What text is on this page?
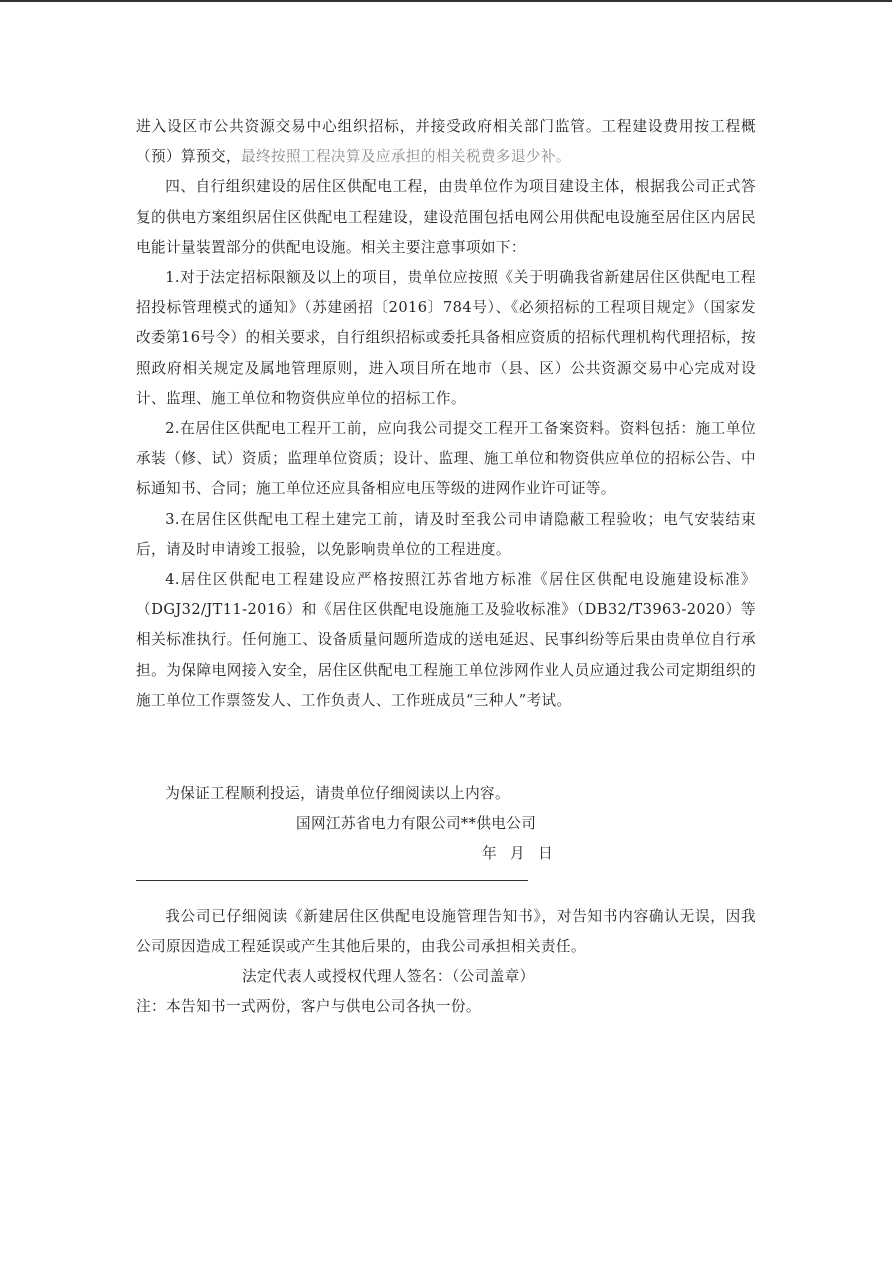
进入设区市公共资源交易中心组织招标，并接受政府相关部门监管。工程建设费用按工程概（预）算预交，最终按照工程决算及应承担的相关税费多退少补。

四、自行组织建设的居住区供配电工程，由贵单位作为项目建设主体，根据我公司正式答复的供电方案组织居住区供配电工程建设，建设范围包括电网公用供配电设施至居住区内居民电能计量装置部分的供配电设施。相关主要注意事项如下：

1.对于法定招标限额及以上的项目，贵单位应按照《关于明确我省新建居住区供配电工程招投标管理模式的通知》（苏建函招〔2016〕784号）、《必须招标的工程项目规定》（国家发改委第16号令）的相关要求，自行组织招标或委托具备相应资质的招标代理机构代理招标，按照政府相关规定及属地管理原则，进入项目所在地市（县、区）公共资源交易中心完成对设计、监理、施工单位和物资供应单位的招标工作。

2.在居住区供配电工程开工前，应向我公司提交工程开工备案资料。资料包括：施工单位承装（修、试）资质；监理单位资质；设计、监理、施工单位和物资供应单位的招标公告、中标通知书、合同；施工单位还应具备相应电压等级的进网作业许可证等。

3.在居住区供配电工程土建完工前，请及时至我公司申请隐蔽工程验收；电气安装结束后，请及时申请竣工报验，以免影响贵单位的工程进度。

4.居住区供配电工程建设应严格按照江苏省地方标准《居住区供配电设施建设标准》（DGJ32/JT11-2016）和《居住区供配电设施施工及验收标准》（DB32/T3963-2020）等相关标准执行。任何施工、设备质量问题所造成的送电延迟、民事纠纷等后果由贵单位自行承担。为保障电网接入安全，居住区供配电工程施工单位涉网作业人员应通过我公司定期组织的施工单位工作票签发人、工作负责人、工作班成员“三种人”考试。

为保证工程顺利投运，请贵单位仔细阅读以上内容。

国网江苏省电力有限公司**供电公司

年 月 日

我公司已仔细阅读《新建居住区供配电设施管理告知书》，对告知书内容确认无误，因我公司原因造成工程延误或产生其他后果的，由我公司承担相关责任。

法定代表人或授权代理人签名：（公司盖章）

注：本告知书一式两份，客户与供电公司各执一份。
